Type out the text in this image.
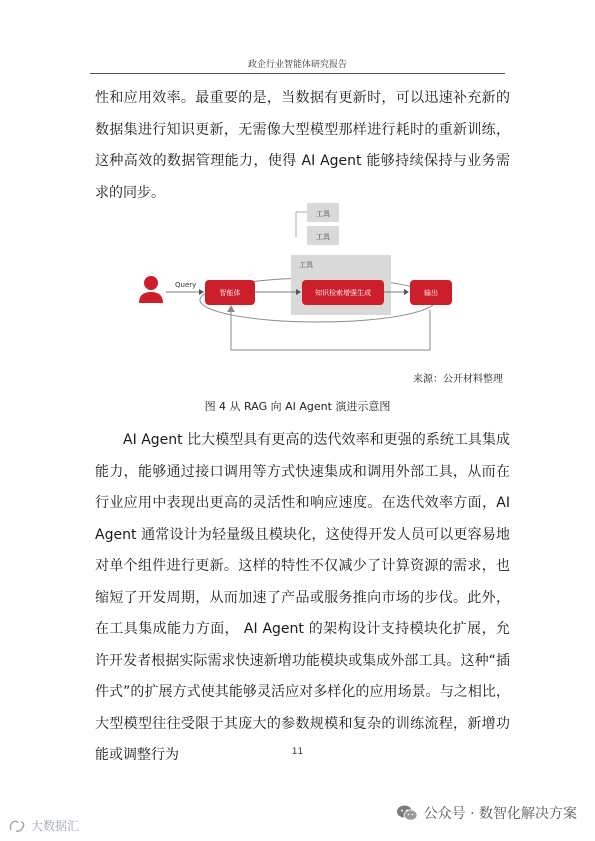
政企行业智能体研究报告
性和应用效率。最重要的是，当数据有更新时，可以迅速补充新的数据集进行知识更新，无需像大型模型那样进行耗时的重新训练，这种高效的数据管理能力，使得 AI Agent 能够持续保持与业务需求的同步。
工具
工具
工具
Query
智能体	知识检索增强生成	输出
来源：公开材料整理
图 4 从 RAG 向 AI Agent 演进示意图
AI Agent 比大模型具有更高的迭代效率和更强的系统工具集成能力，能够通过接口调用等方式快速集成和调用外部工具，从而在行业应用中表现出更高的灵活性和响应速度。在迭代效率方面，AI Agent 通常设计为轻量级且模块化，这使得开发人员可以更容易地对单个组件进行更新。这样的特性不仅减少了计算资源的需求，也缩短了开发周期，从而加速了产品或服务推向市场的步伐。此外，在工具集成能力方面， AI Agent 的架构设计支持模块化扩展，允许开发者根据实际需求快速新增功能模块或集成外部工具。这种“插件式”的扩展方式使其能够灵活应对多样化的应用场景。与之相比，大型模型往往受限于其庞大的参数规模和复杂的训练流程，新增功能或调整行为	11
公众号 · 数智化解决方案
大数据汇
